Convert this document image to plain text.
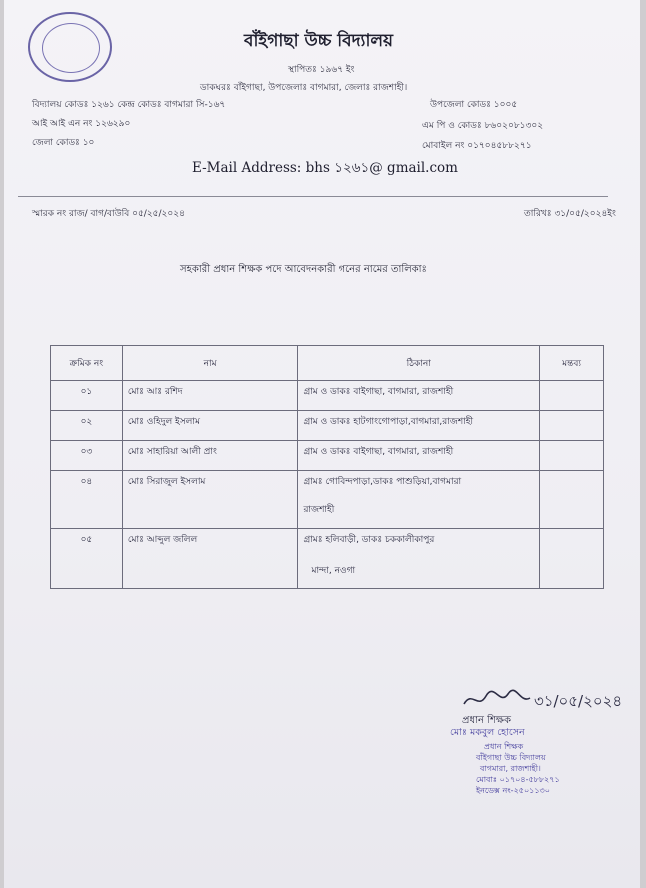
বাঁইগাছা উচ্চ বিদ্যালয়
স্থাপিতঃ ১৯৬৭ ইং
ডাকঘরঃ বাঁইগাছা, উপজেলাঃ বাগমারা, জেলাঃ রাজশাহী।
বিদ্যালয় কোডঃ ১২৬১ কেন্দ্র কোডঃ বাগমারা সি-১৬৭	উপজেলা কোডঃ ১০০৫
আই আই এন নং ১২৬২৯০	এম পি ও কোডঃ ৮৬০২০৮১৩০২
জেলা কোডঃ ১০	মোবাইল নং ০১৭০৪৫৮৮২৭১
E-Mail Address: bhs ১২৬১@ gmail.com
স্মারক নং রাজ/ বাগ/বাউবি ০৫/২৫/২০২৪	তারিখঃ ৩১/০৫/২০২৪ইং
সহকারী প্রধান শিক্ষক পদে আবেদনকারী গনের নামের তালিকাঃ
ক্রমিক নং	নাম	ঠিকানা	মন্তব্য
০১	মোঃ আঃ রশিদ	গ্রাম ও ডাকঃ বাইগাছা, বাগমারা, রাজশাহী	
০২	মোঃ ওহিদুল ইসলাম	গ্রাম ও ডাকঃ হাটগাংগোপাড়া,বাগমারা,রাজশাহী	
০৩	মোঃ সাহারিয়া আলী প্রাং	গ্রাম ও ডাকঃ বাইগাছা, বাগমারা, রাজশাহী	
০৪	মোঃ সিরাজুল ইসলাম	গ্রামঃ গোবিন্দপাড়া,ডাকঃ পাশুড়িয়া,বাগমারা
রাজশাহী	

০৫	মোঃ আব্দুল জলিল	গ্রামঃ হলিবাড়ী, ডাকঃ চককালীকাপুর
মান্দা, নওগা	

৩১/০৫/২০২৪
প্রধান শিক্ষক
মোঃ মকবুল হোসেন
প্রধান শিক্ষক
বাঁইগাছা উচ্চ বিদ্যালয়
বাগমারা, রাজশাহী।
মোবাঃ ০১৭০৪-৫৮৮২৭১
ইনডেক্স নং-২৫০১১৩০
